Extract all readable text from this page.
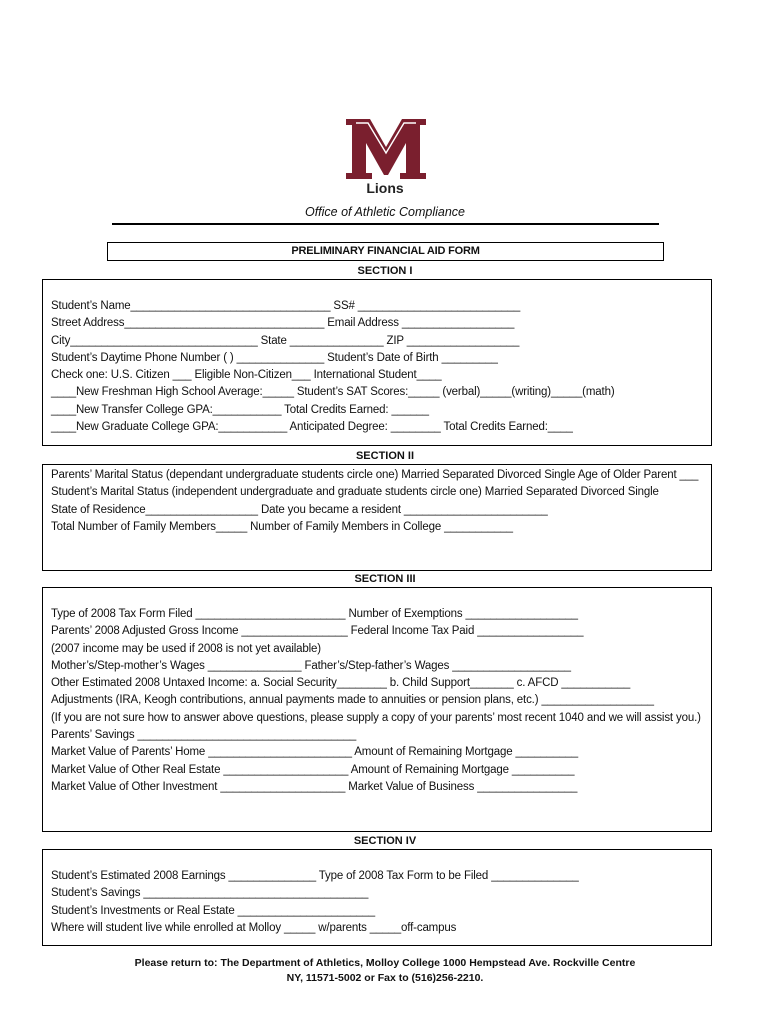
Lions
Office of Athletic Compliance
PRELIMINARY FINANCIAL AID FORM
SECTION I
Student’s Name________________________________ SS# __________________________
Street Address________________________________ Email Address __________________
City______________________________ State _______________ ZIP __________________
Student’s Daytime Phone Number ( ) ______________ Student’s Date of Birth _________
Check one: U.S. Citizen ___ Eligible Non-Citizen___ International Student____
____New Freshman High School Average:_____ Student’s SAT Scores:_____ (verbal)_____(writing)_____(math)
____New Transfer College GPA:___________ Total Credits Earned: ______
____New Graduate College GPA:___________ Anticipated Degree: ________ Total Credits Earned:____
SECTION II
Parents’ Marital Status (dependant undergraduate students circle one) Married Separated Divorced Single Age of Older Parent ___
Student’s Marital Status (independent undergraduate and graduate students circle one) Married Separated Divorced Single
State of Residence__________________ Date you became a resident _______________________
Total Number of Family Members_____ Number of Family Members in College ___________
SECTION III
Type of 2008 Tax Form Filed ________________________ Number of Exemptions __________________
Parents’ 2008 Adjusted Gross Income _________________ Federal Income Tax Paid _________________
(2007 income may be used if 2008 is not yet available)
Mother’s/Step-mother’s Wages _______________ Father’s/Step-father’s Wages ___________________
Other Estimated 2008 Untaxed Income: a. Social Security________ b. Child Support_______ c. AFCD ___________
Adjustments (IRA, Keogh contributions, annual payments made to annuities or pension plans, etc.) __________________
(If you are not sure how to answer above questions, please supply a copy of your parents’ most recent 1040 and we will assist you.)
Parents’ Savings ___________________________________
Market Value of Parents’ Home _______________________ Amount of Remaining Mortgage __________
Market Value of Other Real Estate ____________________ Amount of Remaining Mortgage __________
Market Value of Other Investment ____________________ Market Value of Business ________________
SECTION IV
Student’s Estimated 2008 Earnings ______________ Type of 2008 Tax Form to be Filed ______________
Student’s Savings ____________________________________
Student’s Investments or Real Estate ______________________
Where will student live while enrolled at Molloy _____ w/parents _____off-campus
Please return to: The Department of Athletics, Molloy College 1000 Hempstead Ave. Rockville Centre
NY, 11571-5002 or Fax to (516)256-2210.
